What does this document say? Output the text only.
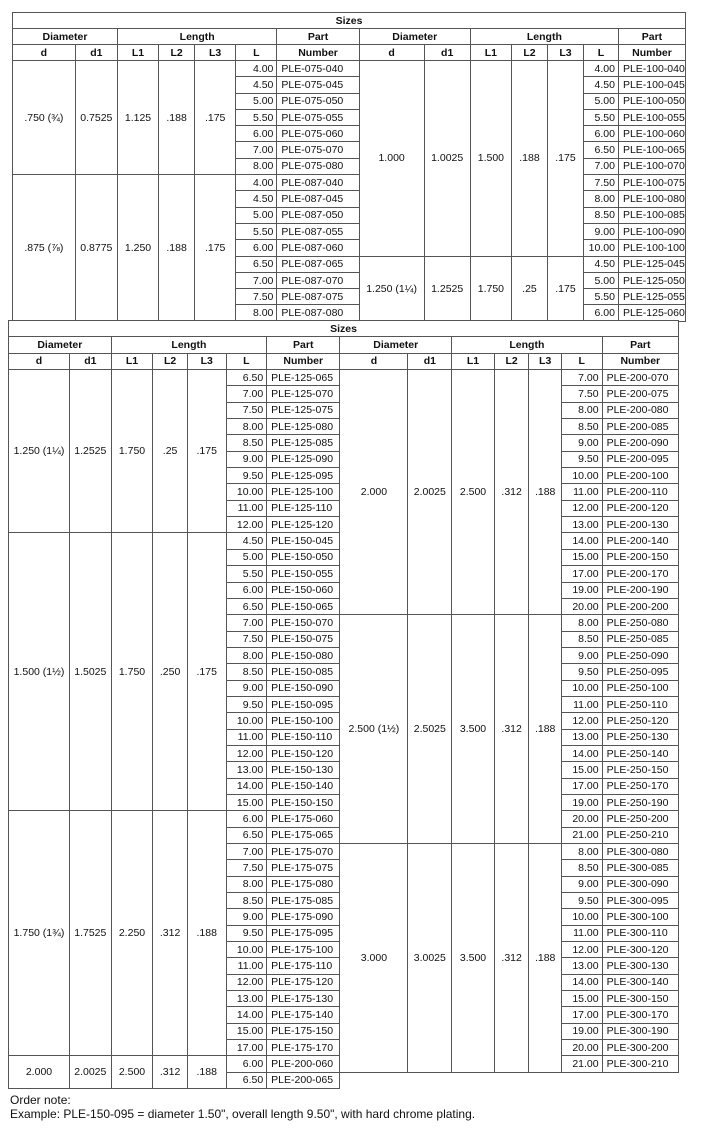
Sizes													
Diameter		Length				Part	Diameter		Length				Part
d	d1	L1	L2	L3	L	Number	d	d1	L1	L2	L3	L	Number
.750 (¾)	0.7525	1.125	.188	.175	4.00	PLE-075-040	1.000	1.0025	1.500	.188	.175	4.00	PLE-100-040
					4.50	PLE-075-045						4.50	PLE-100-045
					5.00	PLE-075-050						5.00	PLE-100-050
					5.50	PLE-075-055						5.50	PLE-100-055
					6.00	PLE-075-060						6.00	PLE-100-060
					7.00	PLE-075-070						6.50	PLE-100-065
					8.00	PLE-075-080						7.00	PLE-100-070
.875 (⅞)	0.8775	1.250	.188	.175	4.00	PLE-087-040						7.50	PLE-100-075
					4.50	PLE-087-045						8.00	PLE-100-080
					5.00	PLE-087-050						8.50	PLE-100-085
					5.50	PLE-087-055						9.00	PLE-100-090
					6.00	PLE-087-060						10.00	PLE-100-100
					6.50	PLE-087-065	1.250 (1¼)	1.2525	1.750	.25	.175	4.50	PLE-125-045
					7.00	PLE-087-070						5.00	PLE-125-050
					7.50	PLE-087-075						5.50	PLE-125-055
					8.00	PLE-087-080						6.00	PLE-125-060
Sizes													
Diameter		Length				Part	Diameter		Length				Part
d	d1	L1	L2	L3	L	Number	d	d1	L1	L2	L3	L	Number
1.250 (1¼)	1.2525	1.750	.25	.175	6.50	PLE-125-065	2.000	2.0025	2.500	.312	.188	7.00	PLE-200-070
					7.00	PLE-125-070						7.50	PLE-200-075
					7.50	PLE-125-075						8.00	PLE-200-080
					8.00	PLE-125-080						8.50	PLE-200-085
					8.50	PLE-125-085						9.00	PLE-200-090
					9.00	PLE-125-090						9.50	PLE-200-095
					9.50	PLE-125-095						10.00	PLE-200-100
					10.00	PLE-125-100						11.00	PLE-200-110
					11.00	PLE-125-110						12.00	PLE-200-120
					12.00	PLE-125-120						13.00	PLE-200-130
1.500 (1½)	1.5025	1.750	.250	.175	4.50	PLE-150-045						14.00	PLE-200-140
					5.00	PLE-150-050						15.00	PLE-200-150
					5.50	PLE-150-055						17.00	PLE-200-170
					6.00	PLE-150-060						19.00	PLE-200-190
					6.50	PLE-150-065						20.00	PLE-200-200
					7.00	PLE-150-070	2.500 (1½)	2.5025	3.500	.312	.188	8.00	PLE-250-080
					7.50	PLE-150-075						8.50	PLE-250-085
					8.00	PLE-150-080						9.00	PLE-250-090
					8.50	PLE-150-085						9.50	PLE-250-095
					9.00	PLE-150-090						10.00	PLE-250-100
					9.50	PLE-150-095						11.00	PLE-250-110
					10.00	PLE-150-100						12.00	PLE-250-120
					11.00	PLE-150-110						13.00	PLE-250-130
					12.00	PLE-150-120						14.00	PLE-250-140
					13.00	PLE-150-130						15.00	PLE-250-150
					14.00	PLE-150-140						17.00	PLE-250-170
					15.00	PLE-150-150						19.00	PLE-250-190
1.750 (1¾)	1.7525	2.250	.312	.188	6.00	PLE-175-060						20.00	PLE-250-200
					6.50	PLE-175-065						21.00	PLE-250-210
					7.00	PLE-175-070	3.000	3.0025	3.500	.312	.188	8.00	PLE-300-080
					7.50	PLE-175-075						8.50	PLE-300-085
					8.00	PLE-175-080						9.00	PLE-300-090
					8.50	PLE-175-085						9.50	PLE-300-095
					9.00	PLE-175-090						10.00	PLE-300-100
					9.50	PLE-175-095						11.00	PLE-300-110
					10.00	PLE-175-100						12.00	PLE-300-120
					11.00	PLE-175-110						13.00	PLE-300-130
					12.00	PLE-175-120						14.00	PLE-300-140
					13.00	PLE-175-130						15.00	PLE-300-150
					14.00	PLE-175-140						17.00	PLE-300-170
					15.00	PLE-175-150						19.00	PLE-300-190
					17.00	PLE-175-170						20.00	PLE-300-200
2.000	2.0025	2.500	.312	.188	6.00	PLE-200-060						21.00	PLE-300-210
					6.50	PLE-200-065							
Order note:
Example: PLE-150-095 = diameter 1.50", overall length 9.50", with hard chrome plating.
